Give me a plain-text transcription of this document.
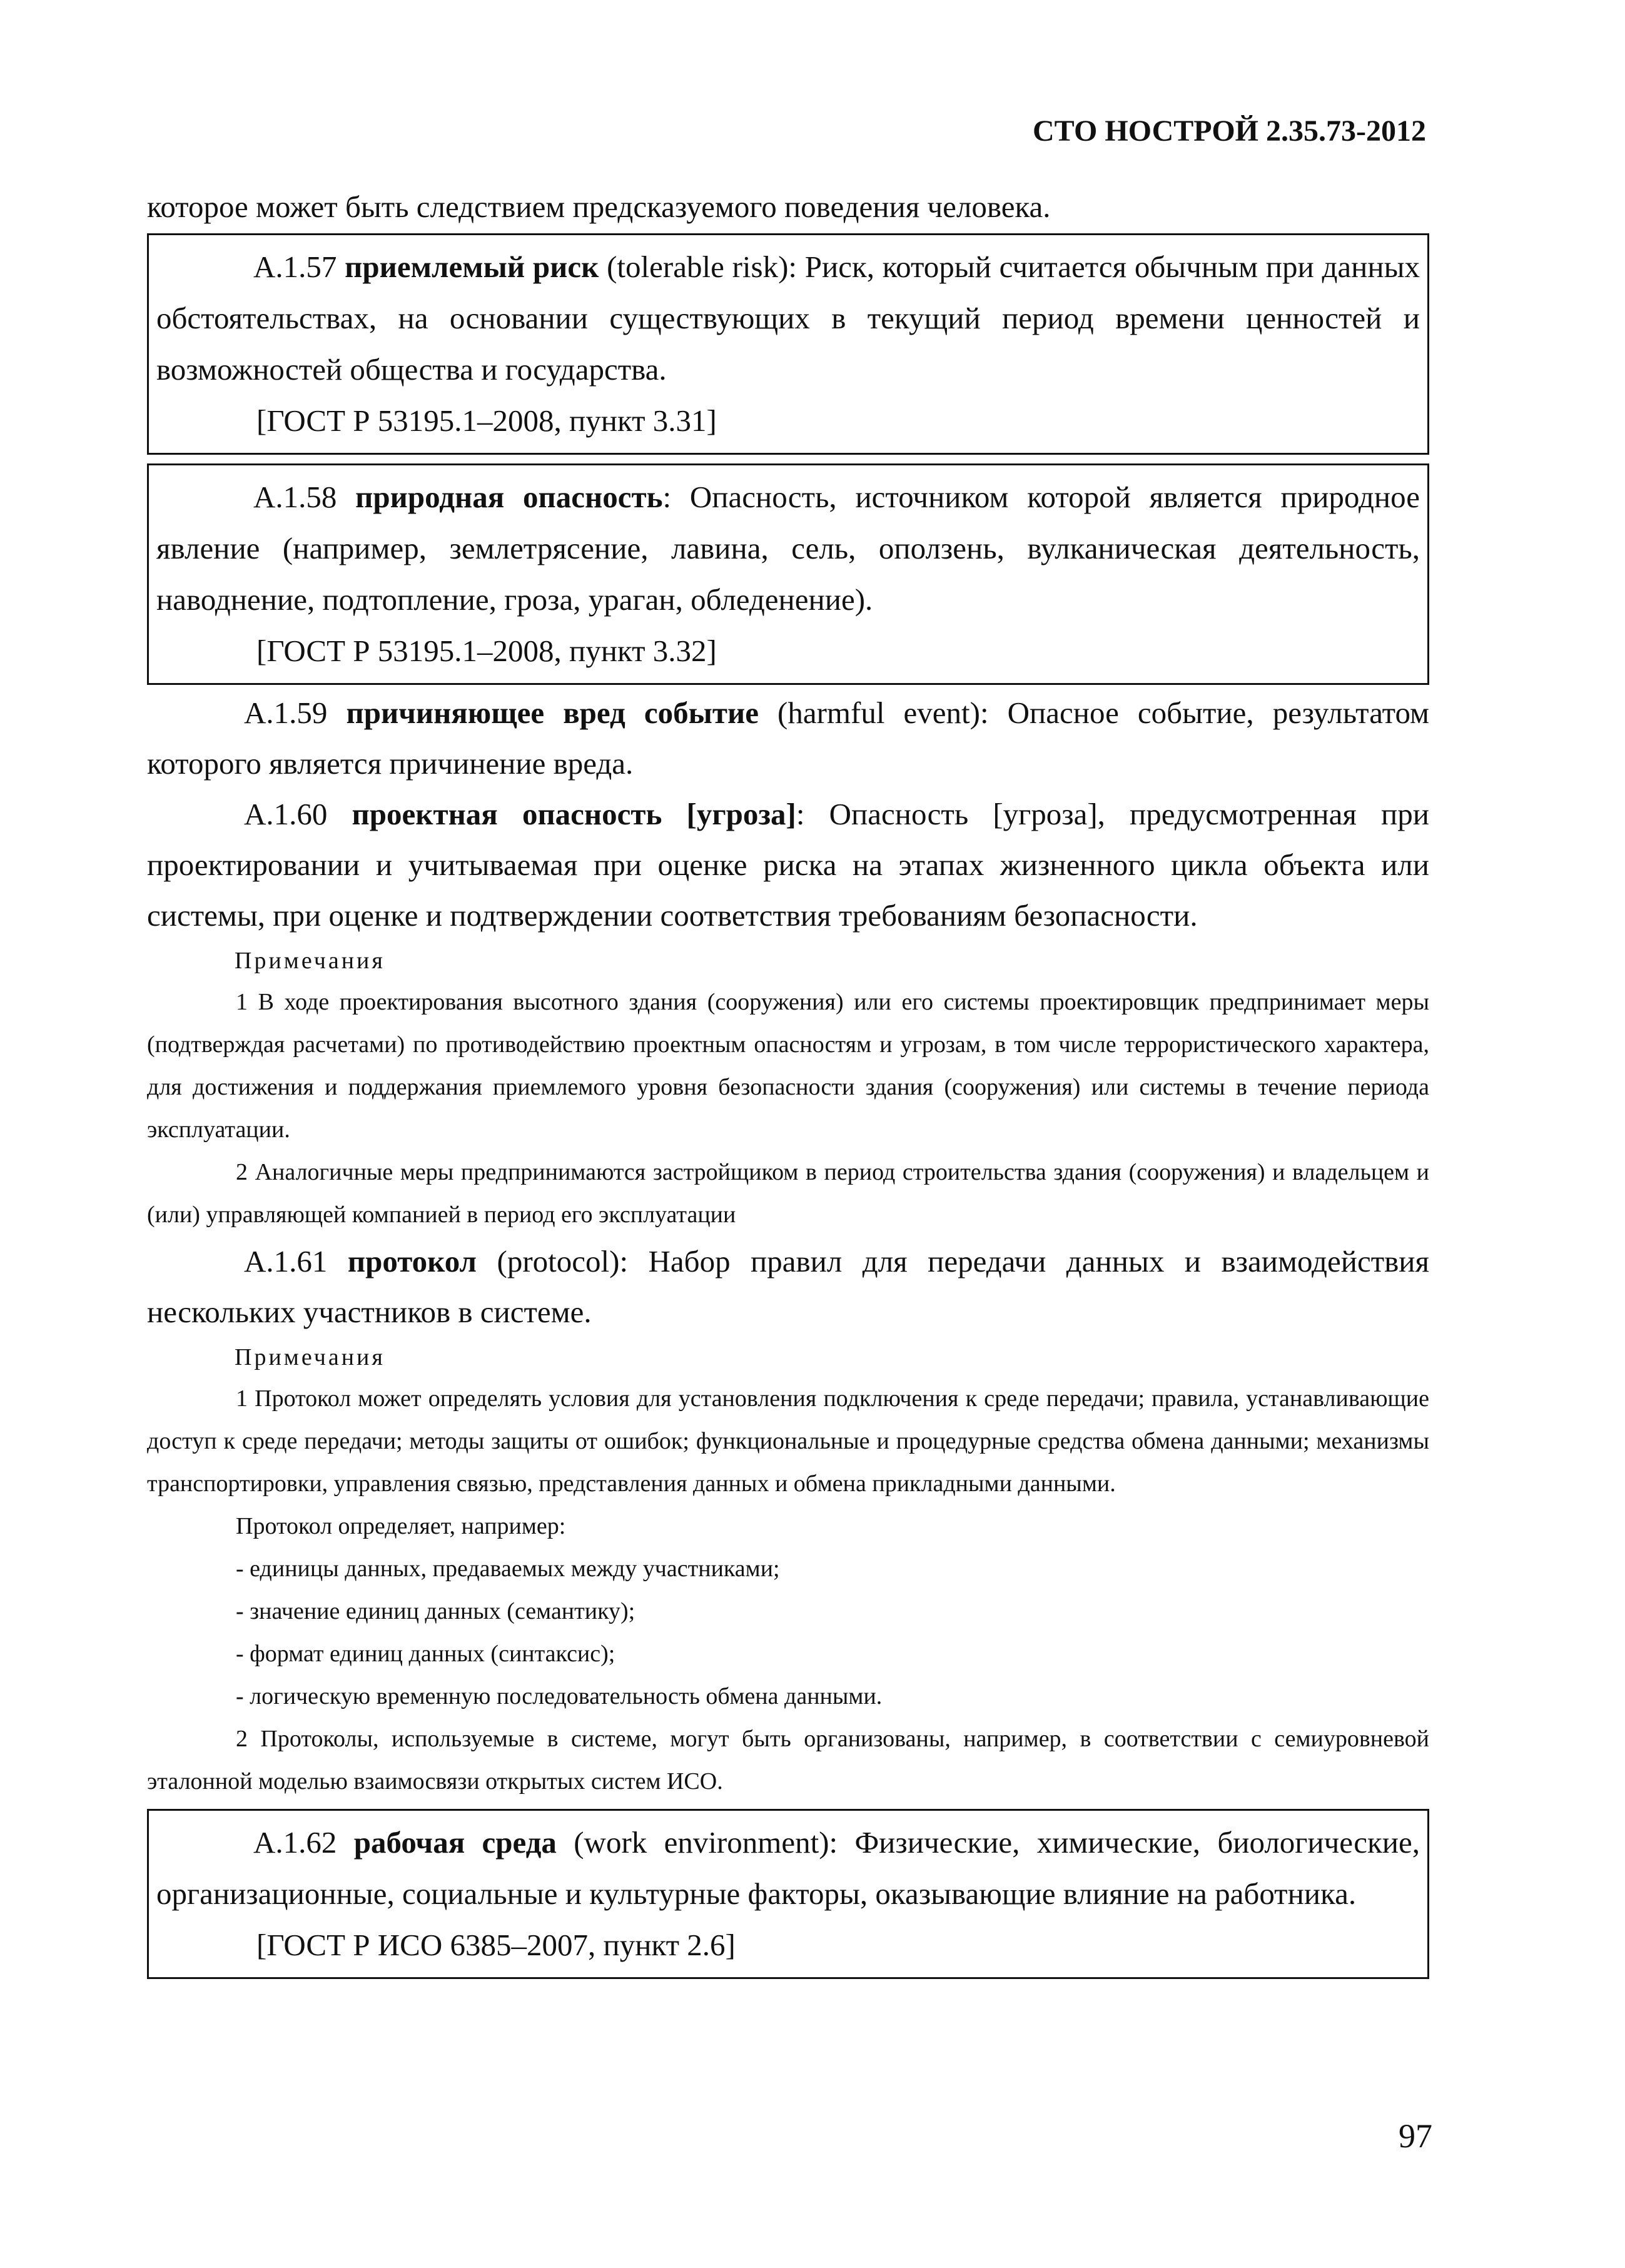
СТО НОСТРОЙ 2.35.73-2012

которое может быть следствием предсказуемого поведения человека.

А.1.57 приемлемый риск (tolerable risk): Риск, который считается обычным при данных обстоятельствах, на основании существующих в текущий период времени ценностей и возможностей общества и государства.

[ГОСТ Р 53195.1–2008, пункт 3.31]

А.1.58 природная опасность: Опасность, источником которой является природное явление (например, землетрясение, лавина, сель, оползень, вулканическая деятельность, наводнение, подтопление, гроза, ураган, обледенение).

[ГОСТ Р 53195.1–2008, пункт 3.32]

А.1.59 причиняющее вред событие (harmful event): Опасное событие, результатом которого является причинение вреда.

А.1.60 проектная опасность [угроза]: Опасность [угроза], предусмотренная при проектировании и учитываемая при оценке риска на этапах жизненного цикла объекта или системы, при оценке и подтверждении соответствия требованиям безопасности.

Примечания

1 В ходе проектирования высотного здания (сооружения) или его системы проектировщик предпринимает меры (подтверждая расчетами) по противодействию проектным опасностям и угрозам, в том числе террористического характера, для достижения и поддержания приемлемого уровня безопасности здания (сооружения) или системы в течение периода эксплуатации.

2 Аналогичные меры предпринимаются застройщиком в период строительства здания (сооружения) и владельцем и (или) управляющей компанией в период его эксплуатации

А.1.61 протокол (protocol): Набор правил для передачи данных и взаимодействия нескольких участников в системе.

Примечания

1 Протокол может определять условия для установления подключения к среде передачи; правила, устанавливающие доступ к среде передачи; методы защиты от ошибок; функциональные и процедурные средства обмена данными; механизмы транспортировки, управления связью, представления данных и обмена прикладными данными.

Протокол определяет, например:

- единицы данных, предаваемых между участниками;

- значение единиц данных (семантику);

- формат единиц данных (синтаксис);

- логическую временную последовательность обмена данными.

2 Протоколы, используемые в системе, могут быть организованы, например, в соответствии с семиуровневой эталонной моделью взаимосвязи открытых систем ИСО.

А.1.62 рабочая среда (work environment): Физические, химические, биологические, организационные, социальные и культурные факторы, оказывающие влияние на работника.

[ГОСТ Р ИСО 6385–2007, пункт 2.6]

97
